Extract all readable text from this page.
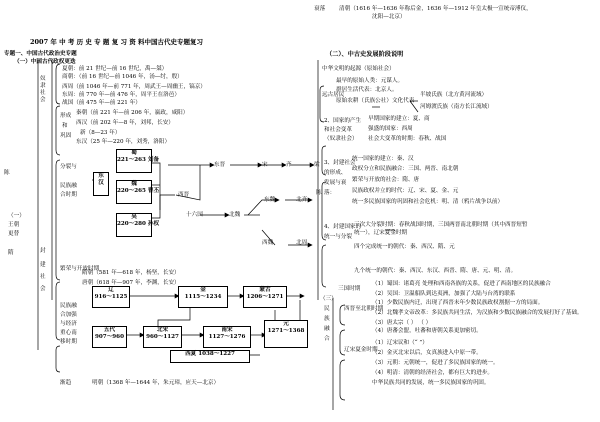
2007 年 中 考 历 史 专 题 复 习 资 料中国古代史专题复习
衰落 清朝（1616 年—1636 年称后金，1636 年—1912 年皇太极一宣统帝溥仪，
沈阳—北京）
专题一、中国古代政治史专题
（一）中国古代政权更迭
奴隶社会
夏朝：前 21 世纪—前 16 世纪，禹—桀）
商朝：（前 16 世纪—前 1046 年，汤—纣，殷）
西周（前 1046 年—前 771 年，周武王—周幽王，镐京）
东周：前 770 年—前 476 年，周平王在洛邑）
战国（前 475 年—前 221 年）
形成
和
巩固
秦朝（前 221 年—前 206 年，嬴政，咸阳）
西汉（前 202 年—8 年，刘邦，长安）
新（8—23 年）
东汉（25 年—220 年，刘秀，洛阳）
分裂与
民族融
合时期
陈
（一）
王朝
更替
隋	封
建
社
会
东
汉
蜀
221～263 刘备
魏
220～265 曹丕
吴
220～280 孙权
西晋
东晋	宋	齐	梁
陈
十六国	北魏
东魏	北齐
西魏	北周
繁荣与开放时期
隋朝（581 年—618 年，杨坚，长安）
唐朝（618 年—907 年，李渊，长安）
民族融
合加强
与经济
重心南
移时期
辽
916～1125
金
1115～1234
蒙古
1206～1271
五代
907～960
北宋
960～1127
南宋
1127～1276
元
1271～1368
西夏 1038～1227
渐趋	明朝（1368 年—1644 年，朱元璋，应天—北京）
（二）、中古史发展阶段说明
中华文明的起源（原始社会）
远古居民
最早的原始人类：元谋人。
群居生活代表：北京人。
原始农耕（氏族公社）文化代表
半坡氏族（北方黄河流域）
河姆渡氏族（南方长江流域）
2、国家的产生
和社会变革
（奴隶社会）
早期国家的建立：夏、商
强盛的国家：西周
社会大变革的时期：春秋、战国
3、封建社会
的形成、
发展与衰
落：
统一国家的建立：秦、汉
政权分立和民族融合：三国、两晋、南北朝
繁荣与开放的社会：隋、唐
民族政权并立的时代：辽、宋、夏、金、元
统一多民族国家的巩固和社会危机：明、清（鸦片战争以前）
4、封建国家的
统一与分裂
三次大分裂时期：春秋战国时期，三国两晋南北朝时期（其中西晋短暂
统一），辽宋夏金时期
四个完成统一的朝代：秦、西汉、隋、元
九个统一的朝代：秦、西汉、东汉、西晋、隋、唐、元、明、清。
（三）
民
族
融
合
三国时期
（1）蜀国：诸葛亮 处理和西南各族的关系，促进了西南地区的民族融合
（2）吴国：卫温船队到达夷洲，加强了大陆与台湾的联系
西晋至北朝时期
（1）少数民族内迁，出现了西晋末年少数民族政权割据一方的局面。
（2）北魏孝文帝改革：多民族共同生活，为汉族和少数民族融合的发展打好了基础。
（3）唐太宗（ ） （ ）
（4）唐蕃会盟，吐蕃和唐朝关系更加密切。
辽宋夏金时期
（1）辽宋议和（“ ”）
（2）金灭北宋以后，女真族进入中原一带。
（3）元朝：元朝统一，促进了多民族国家的统一。
（4）明清：清朝的经济社会，都有巨大的进步。
中华民族共同的发展，统一多民族国家的巩固。
